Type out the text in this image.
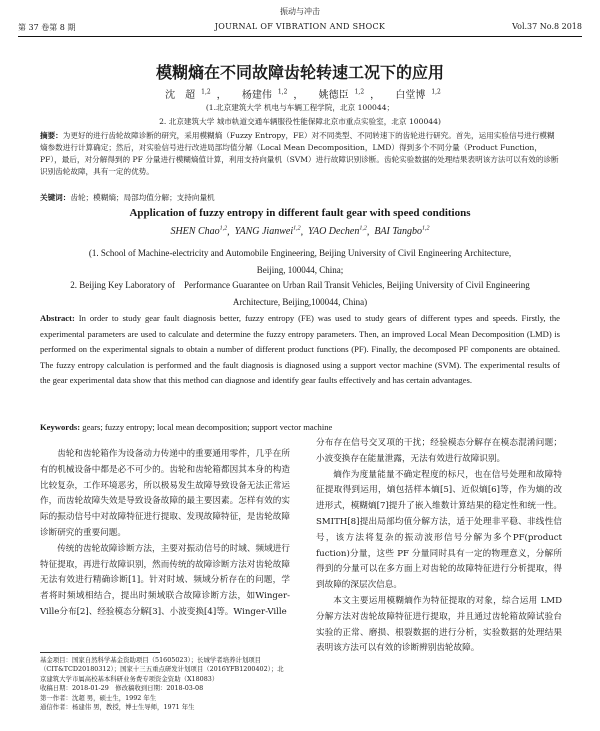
振动与冲击
第 37 卷第 8 期	JOURNAL OF VIBRATION AND SHOCK	Vol.37 No.8 2018
模糊熵在不同故障齿轮转速工况下的应用
沈　超 $^{1,2}$ ， 杨建伟 $^{1,2}$ ， 姚德臣 $^{1,2}$ ， 白堂博 $^{1,2}$
(1.北京建筑大学 机电与车辆工程学院，北京 100044；
2. 北京建筑大学 城市轨道交通车辆服役性能保障北京市重点实验室，北京 100044)
摘要：为更好的进行齿轮故障诊断的研究，采用模糊熵（Fuzzy Entropy，FE）对不同类型、不同转速下的齿轮进行研究。首先，运用实验信号进行模糊熵参数进行计算确定；然后，对实验信号进行改进局部均值分解（Local Mean Decomposition，LMD）得到多个不同分量（Product Function，PF），最后，对分解得到的 PF 分量进行模糊熵值计算，利用支持向量机（SVM）进行故障识别诊断。齿轮实验数据的处理结果表明该方法可以有效的诊断识别齿轮故障，具有一定的优势。
关键词：齿轮；模糊熵；局部均值分解；支持向量机
Application of fuzzy entropy in different fault gear with speed conditions
SHEN Chao$^{1,2}$,  YANG Jianwei$^{1,2}$,  YAO Dechen$^{1,2}$,  BAI Tangbo$^{1,2}$
(1. School of Machine-electricity and Automobile Engineering, Beijing University of Civil Engineering Architecture,
Beijing, 100044, China;
2. Beijing Key Laboratory of　Performance Guarantee on Urban Rail Transit Vehicles, Beijing University of Civil Engineering Architecture, Beijing,100044, China)
Abstract: In order to study gear fault diagnosis better, fuzzy entropy (FE) was used to study gears of different types and speeds. Firstly, the experimental parameters are used to calculate and determine the fuzzy entropy parameters. Then, an improved Local Mean Decomposition (LMD) is performed on the experimental signals to obtain a number of different product functions (PF). Finally, the decomposed PF components are obtained. The fuzzy entropy calculation is performed and the fault diagnosis is diagnosed using a support vector machine (SVM). The experimental results of the gear experimental data show that this method can diagnose and identify gear faults effectively and has certain advantages.
Keywords: gears; fuzzy entropy; local mean decomposition; support vector machine

齿轮和齿轮箱作为设备动力传递中的重要通用零件，几乎在所有的机械设备中都是必不可少的。齿轮和齿轮箱都因其本身的构造比较复杂，工作环境恶劣，所以极易发生故障导致设备无法正常运作，而齿轮故障失效是导致设备故障的最主要因素。怎样有效的实际的振动信号中对故障特征进行提取、发现故障特征，是齿轮故障诊断研究的重要问题。

传统的齿轮故障诊断方法，主要对振动信号的时域、频域进行特征提取，再进行故障识别，然而传统的故障诊断方法对齿轮故障无法有效进行精确诊断[1]。针对时域、频域分析存在的问题，学者将时频域相结合，提出时频域联合故障诊断方法，如Winger-Ville分布[2]、经验模态分解[3]、小波变换[4]等。Winger-Ville

分布存在信号交叉项的干扰；经验模态分解存在模态混淆问题；小波变换存在能量泄露，无法有效进行故障识别。

熵作为度量能量不确定程度的标尺，也在信号处理和故障特征提取得到运用，熵包括样本熵[5]、近似熵[6]等，作为熵的改进形式，模糊熵[7]提升了嵌入维数计算结果的稳定性和统一性。SMITH[8]提出局部均值分解方法，适于处理非平稳、非线性信号，该方法将复杂的振动波形信号分解为多个PF(product fuction)分量，这些 PF 分量同时具有一定的物理意义，分解所得到的分量可以在多方面上对齿轮的故障特征进行分析提取，得到故障的深层次信息。

本文主要运用模糊熵作为特征提取的对象，综合运用 LMD 分解方法对齿轮故障特征进行提取，并且通过齿轮箱故障试验台实验的正常、磨损、根裂数据的进行分析，实验数据的处理结果表明该方法可以有效的诊断辨别齿轮故障。

基金项目：国家自然科学基金资助项目（51605023）；长城学者培养计划项目（CIT&TCD20180312）；国家十三五重点研发计划项目（2016YFB1200402）；北京建筑大学市属高校基本科研业务费专项资金资助（X18083）
收稿日期：2018-01-29　修改稿收到日期：2018-03-08
第一作者：沈超 男，硕士生，1992 年生
通信作者：杨建伟 男，教授，博士生导师，1971 年生
